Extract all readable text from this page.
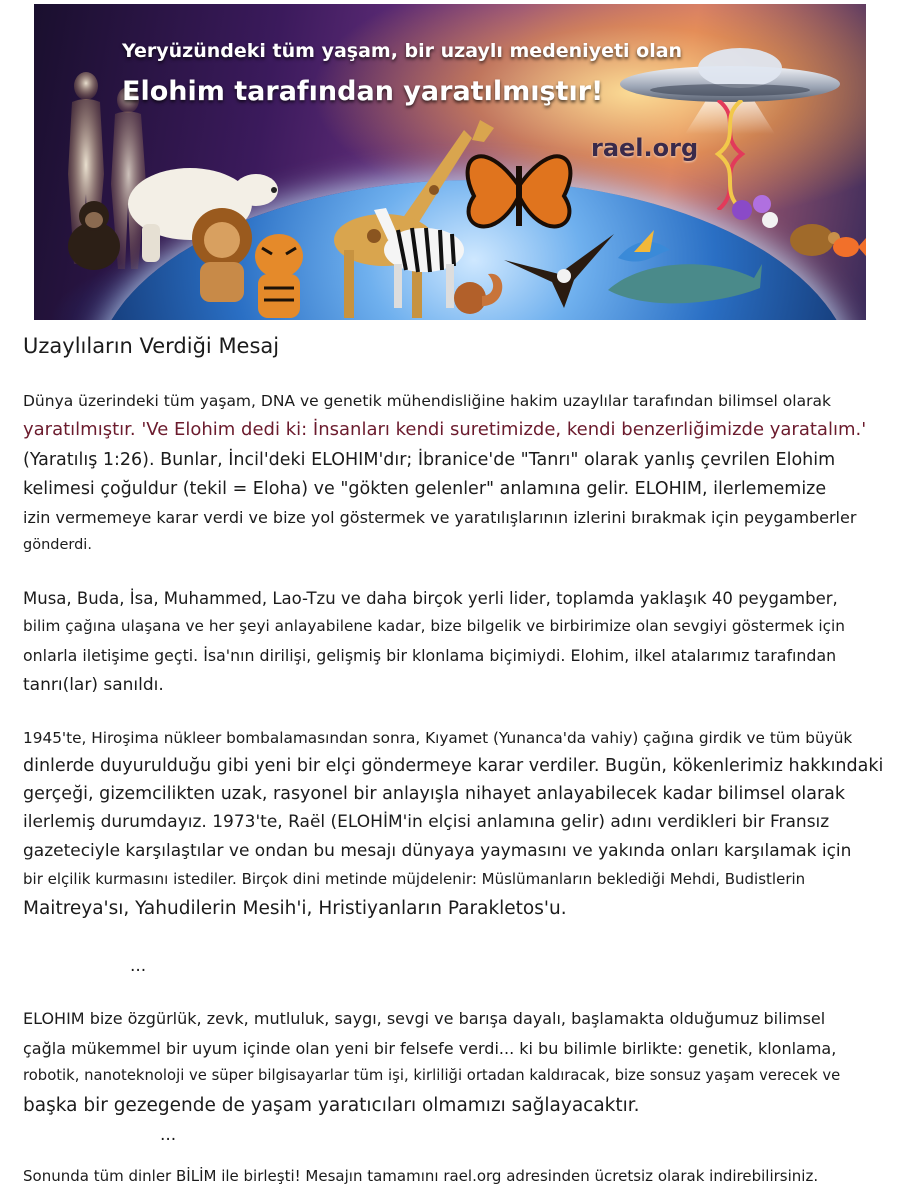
Yeryüzündeki tüm yaşam, bir uzaylı medeniyeti olan
Elohim tarafından yaratılmıştır!
rael.org
Uzaylıların Verdiği Mesaj
Dünya üzerindeki tüm yaşam, DNA ve genetik mühendisliğine hakim uzaylılar tarafından bilimsel olarak
yaratılmıştır. 'Ve Elohim dedi ki: İnsanları kendi suretimizde, kendi benzerliğimizde yaratalım.'
(Yaratılış 1:26). Bunlar, İncil'deki ELOHIM'dır; İbranice'de "Tanrı" olarak yanlış çevrilen Elohim
kelimesi çoğuldur (tekil = Eloha) ve "gökten gelenler" anlamına gelir. ELOHIM, ilerlememize
izin vermemeye karar verdi ve bize yol göstermek ve yaratılışlarının izlerini bırakmak için peygamberler
gönderdi.
Musa, Buda, İsa, Muhammed, Lao-Tzu ve daha birçok yerli lider, toplamda yaklaşık 40 peygamber,
bilim çağına ulaşana ve her şeyi anlayabilene kadar, bize bilgelik ve birbirimize olan sevgiyi göstermek için
onlarla iletişime geçti. İsa'nın dirilişi, gelişmiş bir klonlama biçimiydi. Elohim, ilkel atalarımız tarafından
tanrı(lar) sanıldı.
1945'te, Hiroşima nükleer bombalamasından sonra, Kıyamet (Yunanca'da vahiy) çağına girdik ve tüm büyük
dinlerde duyurulduğu gibi yeni bir elçi göndermeye karar verdiler. Bugün, kökenlerimiz hakkındaki
gerçeği, gizemcilikten uzak, rasyonel bir anlayışla nihayet anlayabilecek kadar bilimsel olarak
ilerlemiş durumdayız. 1973'te, Raël (ELOHİM'in elçisi anlamına gelir) adını verdikleri bir Fransız
gazeteciyle karşılaştılar ve ondan bu mesajı dünyaya yaymasını ve yakında onları karşılamak için
bir elçilik kurmasını istediler. Birçok dini metinde müjdelenir: Müslümanların beklediği Mehdi, Budistlerin
Maitreya'sı, Yahudilerin Mesih'i, Hristiyanların Parakletos'u.
...
ELOHIM bize özgürlük, zevk, mutluluk, saygı, sevgi ve barışa dayalı, başlamakta olduğumuz bilimsel
çağla mükemmel bir uyum içinde olan yeni bir felsefe verdi... ki bu bilimle birlikte: genetik, klonlama,
robotik, nanoteknoloji ve süper bilgisayarlar tüm işi, kirliliği ortadan kaldıracak, bize sonsuz yaşam verecek ve
başka bir gezegende de yaşam yaratıcıları olmamızı sağlayacaktır.
...
Sonunda tüm dinler BİLİM ile birleşti! Mesajın tamamını rael.org adresinden ücretsiz olarak indirebilirsiniz.
